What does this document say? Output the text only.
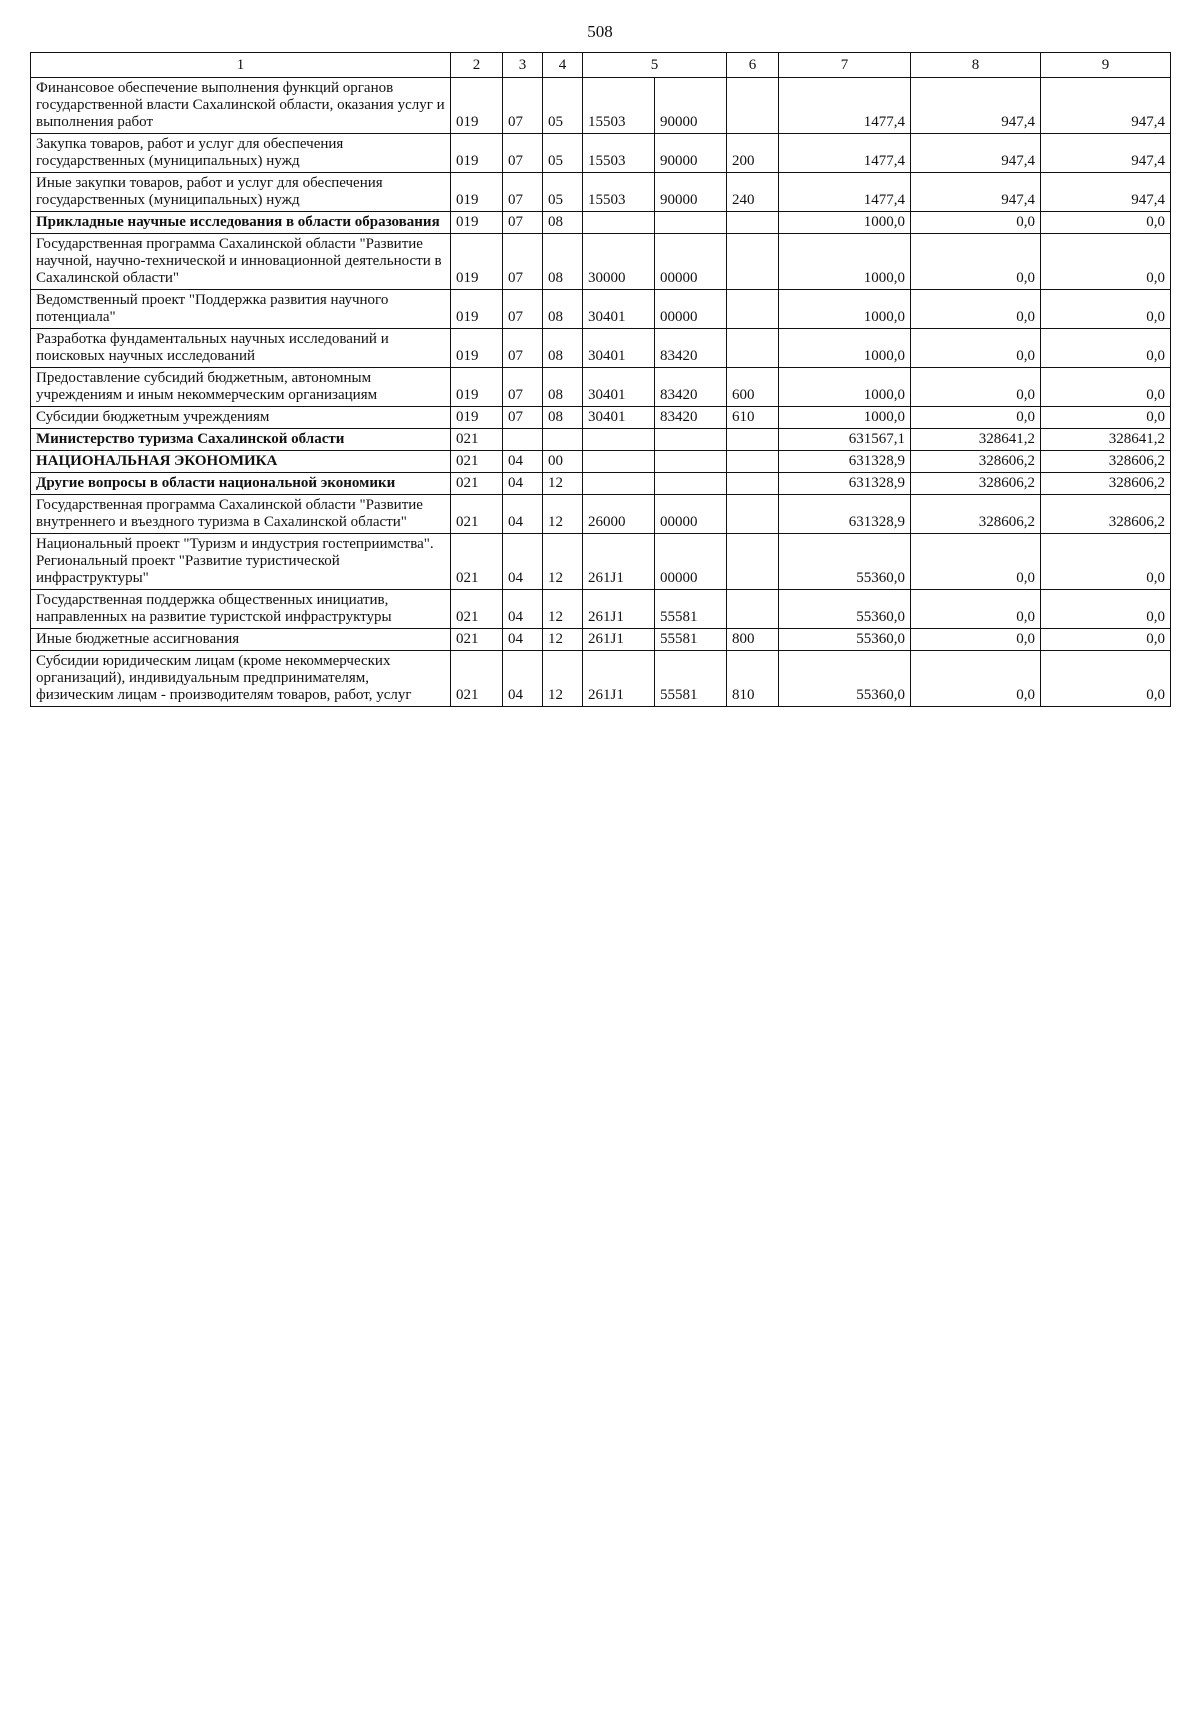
508
1	2	3	4	5		6	7	8	9
Финансовое обеспечение выполнения функций органов государственной власти Сахалинской области, оказания услуг и выполнения работ	019	07	05	15503	90000		1477,4	947,4	947,4
Закупка товаров, работ и услуг для обеспечения государственных (муниципальных) нужд	019	07	05	15503	90000	200	1477,4	947,4	947,4
Иные закупки товаров, работ и услуг для обеспечения государственных (муниципальных) нужд	019	07	05	15503	90000	240	1477,4	947,4	947,4
Прикладные научные исследования в области образования	019	07	08				1000,0	0,0	0,0
Государственная программа Сахалинской области "Развитие научной, научно-технической и инновационной деятельности в Сахалинской области"	019	07	08	30000	00000		1000,0	0,0	0,0
Ведомственный проект "Поддержка развития научного потенциала"	019	07	08	30401	00000		1000,0	0,0	0,0
Разработка фундаментальных научных исследований и поисковых научных исследований	019	07	08	30401	83420		1000,0	0,0	0,0
Предоставление субсидий бюджетным, автономным учреждениям и иным некоммерческим организациям	019	07	08	30401	83420	600	1000,0	0,0	0,0
Субсидии бюджетным учреждениям	019	07	08	30401	83420	610	1000,0	0,0	0,0
Министерство туризма Сахалинской области	021						631567,1	328641,2	328641,2
НАЦИОНАЛЬНАЯ ЭКОНОМИКА	021	04	00				631328,9	328606,2	328606,2
Другие вопросы в области национальной экономики	021	04	12				631328,9	328606,2	328606,2
Государственная программа Сахалинской области "Развитие внутреннего и въездного туризма в Сахалинской области"	021	04	12	26000	00000		631328,9	328606,2	328606,2
Национальный проект "Туризм и индустрия гостеприимства". Региональный проект "Развитие туристической инфраструктуры"	021	04	12	261J1	00000		55360,0	0,0	0,0
Государственная поддержка общественных инициатив, направленных на развитие туристской инфраструктуры	021	04	12	261J1	55581		55360,0	0,0	0,0
Иные бюджетные ассигнования	021	04	12	261J1	55581	800	55360,0	0,0	0,0
Субсидии юридическим лицам (кроме некоммерческих организаций), индивидуальным предпринимателям, физическим лицам - производителям товаров, работ, услуг	021	04	12	261J1	55581	810	55360,0	0,0	0,0
